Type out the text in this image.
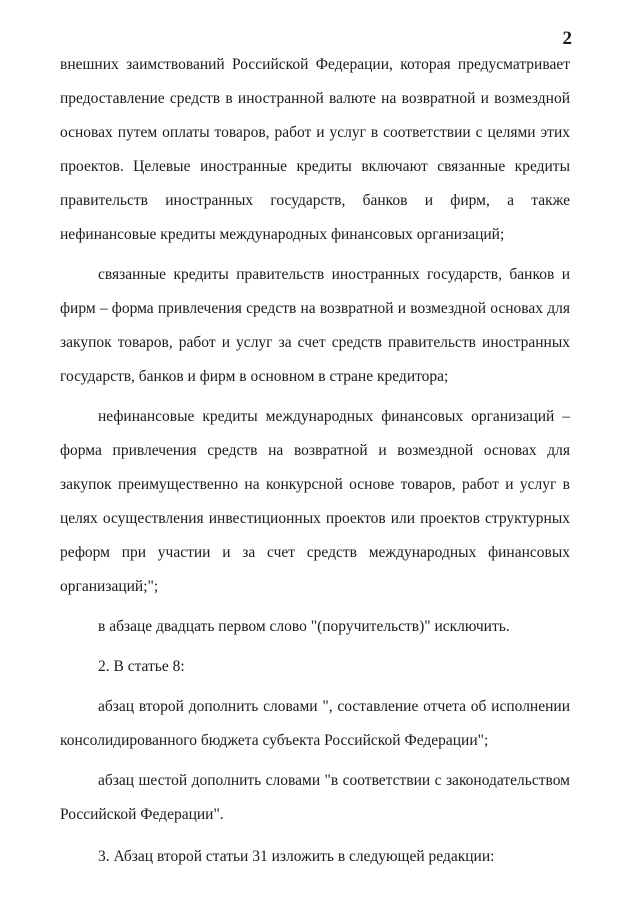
2

внешних заимствований Российской Федерации, которая предусматривает предоставление средств в иностранной валюте на возвратной и возмездной основах путем оплаты товаров, работ и услуг в соответствии с целями этих проектов. Целевые иностранные кредиты включают связанные кредиты правительств иностранных государств, банков и фирм, а также нефинансовые кредиты международных финансовых организаций;

связанные кредиты правительств иностранных государств, банков и фирм – форма привлечения средств на возвратной и возмездной основах для закупок товаров, работ и услуг за счет средств правительств иностранных государств, банков и фирм в основном в стране кредитора;

нефинансовые кредиты международных финансовых организаций – форма привлечения средств на возвратной и возмездной основах для закупок преимущественно на конкурсной основе товаров, работ и услуг в целях осуществления инвестиционных проектов или проектов структурных реформ при участии и за счет средств международных финансовых организаций;";

в абзаце двадцать первом слово "(поручительств)" исключить.

2. В статье 8:

абзац второй дополнить словами ", составление отчета об исполнении консолидированного бюджета субъекта Российской Федерации";

абзац шестой дополнить словами "в соответствии с законодательством Российской Федерации".

3. Абзац второй статьи 31 изложить в следующей редакции:
